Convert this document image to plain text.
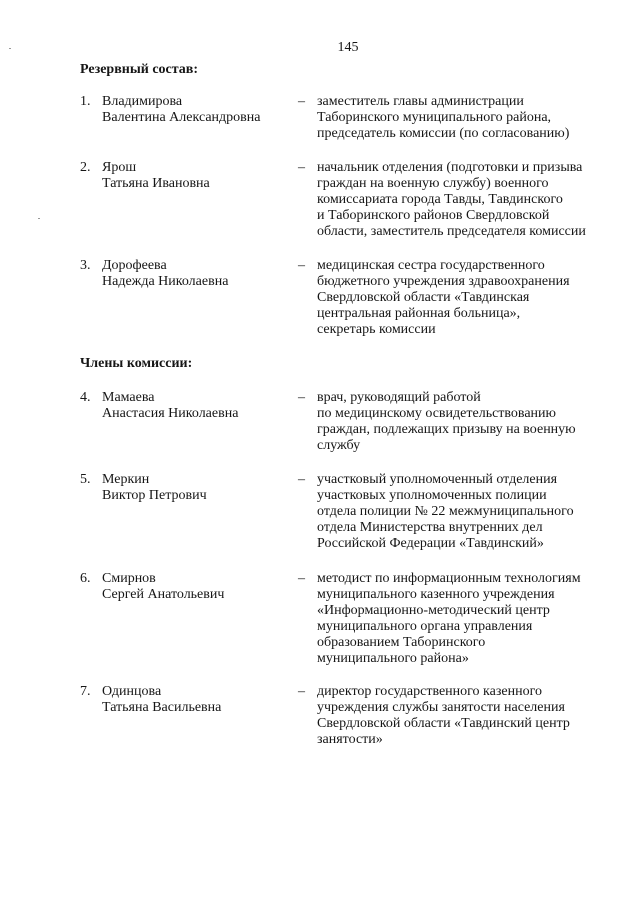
145
Резервный состав:
1. Владимирова
Валентина Александровна
– заместитель главы администрации
Таборинского муниципального района,
председатель комиссии (по согласованию)
2. Ярош
Татьяна Ивановна
– начальник отделения (подготовки и призыва
граждан на военную службу) военного
комиссариата города Тавды, Тавдинского
и Таборинского районов Свердловской
области, заместитель председателя комиссии
3. Дорофеева
Надежда Николаевна
– медицинская сестра государственного
бюджетного учреждения здравоохранения
Свердловской области «Тавдинская
центральная районная больница»,
секретарь комиссии
Члены комиссии:
4. Мамаева
Анастасия Николаевна
– врач, руководящий работой
по медицинскому освидетельствованию
граждан, подлежащих призыву на военную
службу
5. Меркин
Виктор Петрович
– участковый уполномоченный отделения
участковых уполномоченных полиции
отдела полиции № 22 межмуниципального
отдела Министерства внутренних дел
Российской Федерации «Тавдинский»
6. Смирнов
Сергей Анатольевич
– методист по информационным технологиям
муниципального казенного учреждения
«Информационно-методический центр
муниципального органа управления
образованием Таборинского
муниципального района»
7. Одинцова
Татьяна Васильевна
– директор государственного казенного
учреждения службы занятости населения
Свердловской области «Тавдинский центр
занятости»
